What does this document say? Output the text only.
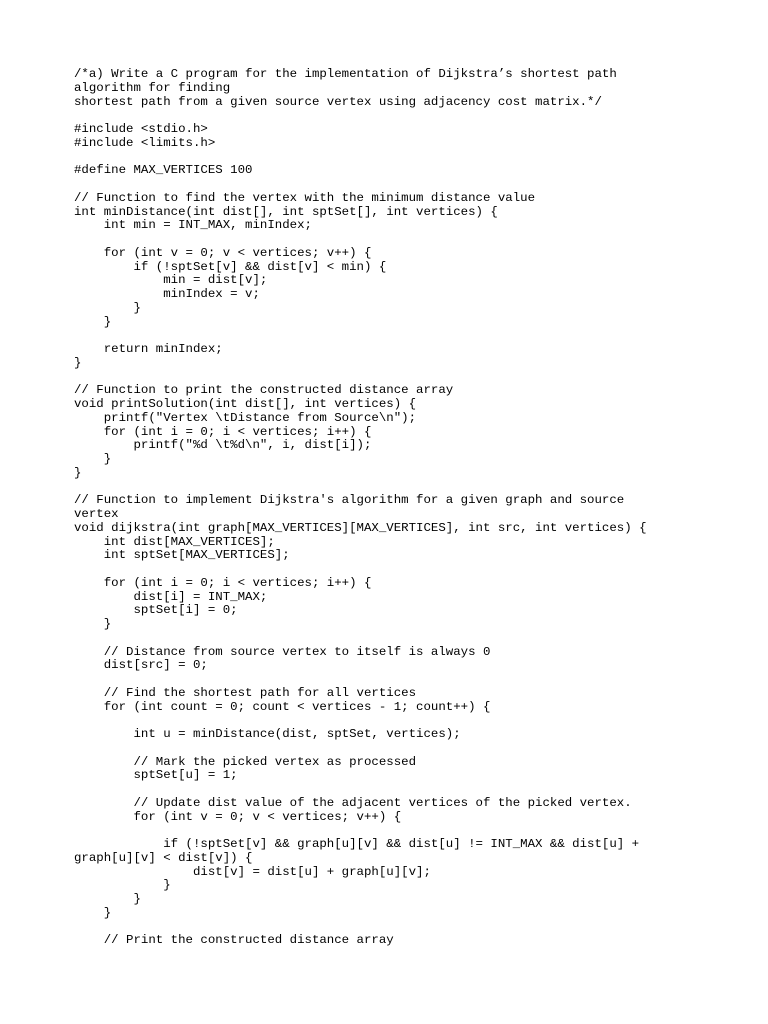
/*a) Write a C program for the implementation of Dijkstra’s shortest path
algorithm for finding
shortest path from a given source vertex using adjacency cost matrix.*/
#include <stdio.h>
#include <limits.h>
#define MAX_VERTICES 100
// Function to find the vertex with the minimum distance value
int minDistance(int dist[], int sptSet[], int vertices) {
int min = INT_MAX, minIndex;
for (int v = 0; v < vertices; v++) {
if (!sptSet[v] && dist[v] < min) {
min = dist[v];
minIndex = v;
}
}
return minIndex;
}
// Function to print the constructed distance array
void printSolution(int dist[], int vertices) {
printf("Vertex \tDistance from Source\n");
for (int i = 0; i < vertices; i++) {
printf("%d \t%d\n", i, dist[i]);
}
}
// Function to implement Dijkstra's algorithm for a given graph and source
vertex
void dijkstra(int graph[MAX_VERTICES][MAX_VERTICES], int src, int vertices) {
int dist[MAX_VERTICES];
int sptSet[MAX_VERTICES];
for (int i = 0; i < vertices; i++) {
dist[i] = INT_MAX;
sptSet[i] = 0;
}
// Distance from source vertex to itself is always 0
dist[src] = 0;
// Find the shortest path for all vertices
for (int count = 0; count < vertices - 1; count++) {
int u = minDistance(dist, sptSet, vertices);
// Mark the picked vertex as processed
sptSet[u] = 1;
// Update dist value of the adjacent vertices of the picked vertex.
for (int v = 0; v < vertices; v++) {
if (!sptSet[v] && graph[u][v] && dist[u] != INT_MAX && dist[u] +
graph[u][v] < dist[v]) {
dist[v] = dist[u] + graph[u][v];
}
}
}
// Print the constructed distance array
